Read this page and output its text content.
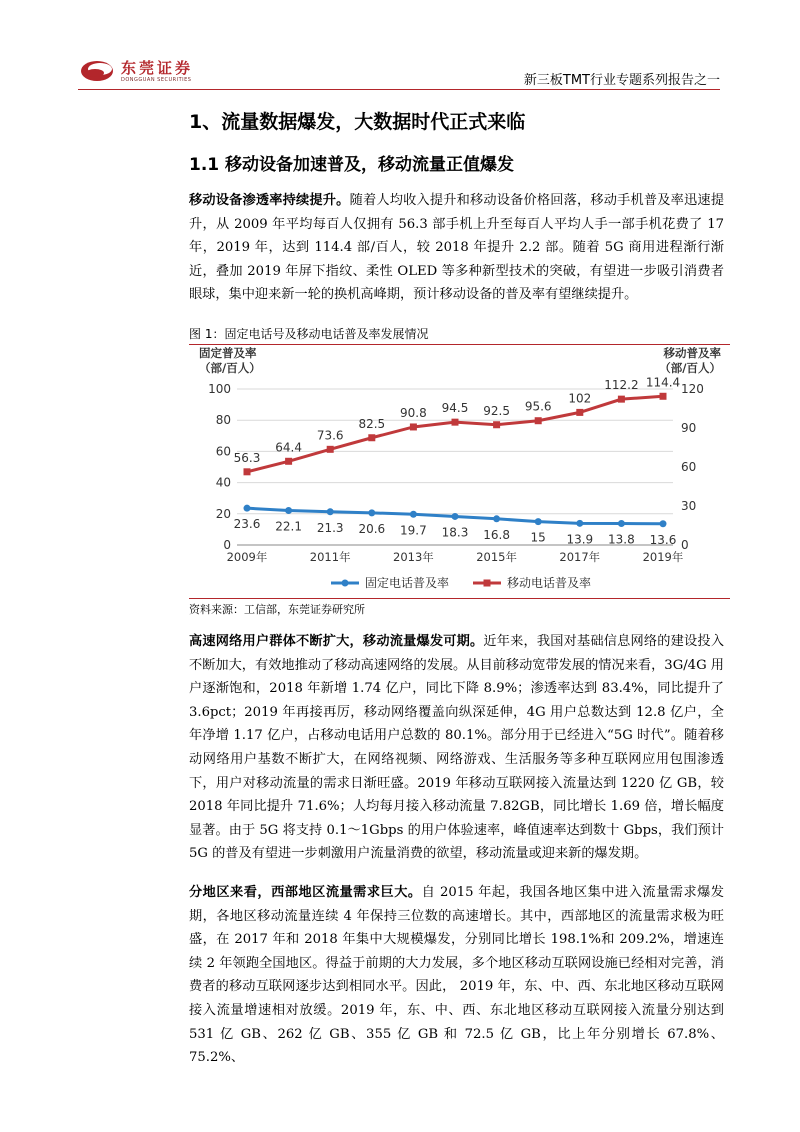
东莞证券
DONGGUAN SECURITIES	新三板TMT行业专题系列报告之一
1、流量数据爆发，大数据时代正式来临
1.1 移动设备加速普及，移动流量正值爆发

移动设备渗透率持续提升。随着人均收入提升和移动设备价格回落，移动手机普及率迅速提升，从 2009 年平均每百人仅拥有 56.3 部手机上升至每百人平均人手一部手机花费了 17 年，2019 年，达到 114.4 部/百人，较 2018 年提升 2.2 部。随着 5G 商用进程渐行渐近，叠加 2019 年屏下指纹、柔性 OLED 等多种新型技术的突破，有望进一步吸引消费者眼球，集中迎来新一轮的换机高峰期，预计移动设备的普及率有望继续提升。

图 1：固定电话号及移动电话普及率发展情况
固定普及率
（部/百人）
移动普及率
（部/百人）
0
20
40
60
80
100
0
30
60
90
120
2009年	2011年	2013年	2015年	2017年	2019年
23.6 22.1 21.3 20.6 19.7 18.3 16.8 15 13.9 13.8 13.6
56.3
64.4
73.6
82.5
90.8 94.5 92.5 95.6
102
112.2 114.4
固定电话普及率	移动电话普及率
资料来源：工信部，东莞证券研究所

高速网络用户群体不断扩大，移动流量爆发可期。近年来，我国对基础信息网络的建设投入不断加大，有效地推动了移动高速网络的发展。从目前移动宽带发展的情况来看，3G/4G 用户逐渐饱和，2018 年新增 1.74 亿户，同比下降 8.9%；渗透率达到 83.4%，同比提升了 3.6pct；2019 年再接再厉，移动网络覆盖向纵深延伸，4G 用户总数达到 12.8 亿户，全年净增 1.17 亿户，占移动电话用户总数的 80.1%。部分用于已经进入“5G 时代”。随着移动网络用户基数不断扩大，在网络视频、网络游戏、生活服务等多种互联网应用包围渗透下，用户对移动流量的需求日渐旺盛。2019 年移动互联网接入流量达到 1220 亿 GB，较 2018 年同比提升 71.6%；人均每月接入移动流量 7.82GB，同比增长 1.69 倍，增长幅度显著。由于 5G 将支持 0.1～1Gbps 的用户体验速率，峰值速率达到数十 Gbps，我们预计 5G 的普及有望进一步刺激用户流量消费的欲望，移动流量或迎来新的爆发期。

分地区来看，西部地区流量需求巨大。自 2015 年起，我国各地区集中进入流量需求爆发期，各地区移动流量连续 4 年保持三位数的高速增长。其中，西部地区的流量需求极为旺盛，在 2017 年和 2018 年集中大规模爆发，分别同比增长 198.1%和 209.2%，增速连续 2 年领跑全国地区。得益于前期的大力发展，多个地区移动互联网设施已经相对完善，消费者的移动互联网逐步达到相同水平。因此， 2019 年，东、中、西、东北地区移动互联网接入流量增速相对放缓。2019 年，东、中、西、东北地区移动互联网接入流量分别达到 531 亿 GB、262 亿 GB、355 亿 GB 和 72.5 亿 GB，比上年分别增长 67.8%、75.2%、
